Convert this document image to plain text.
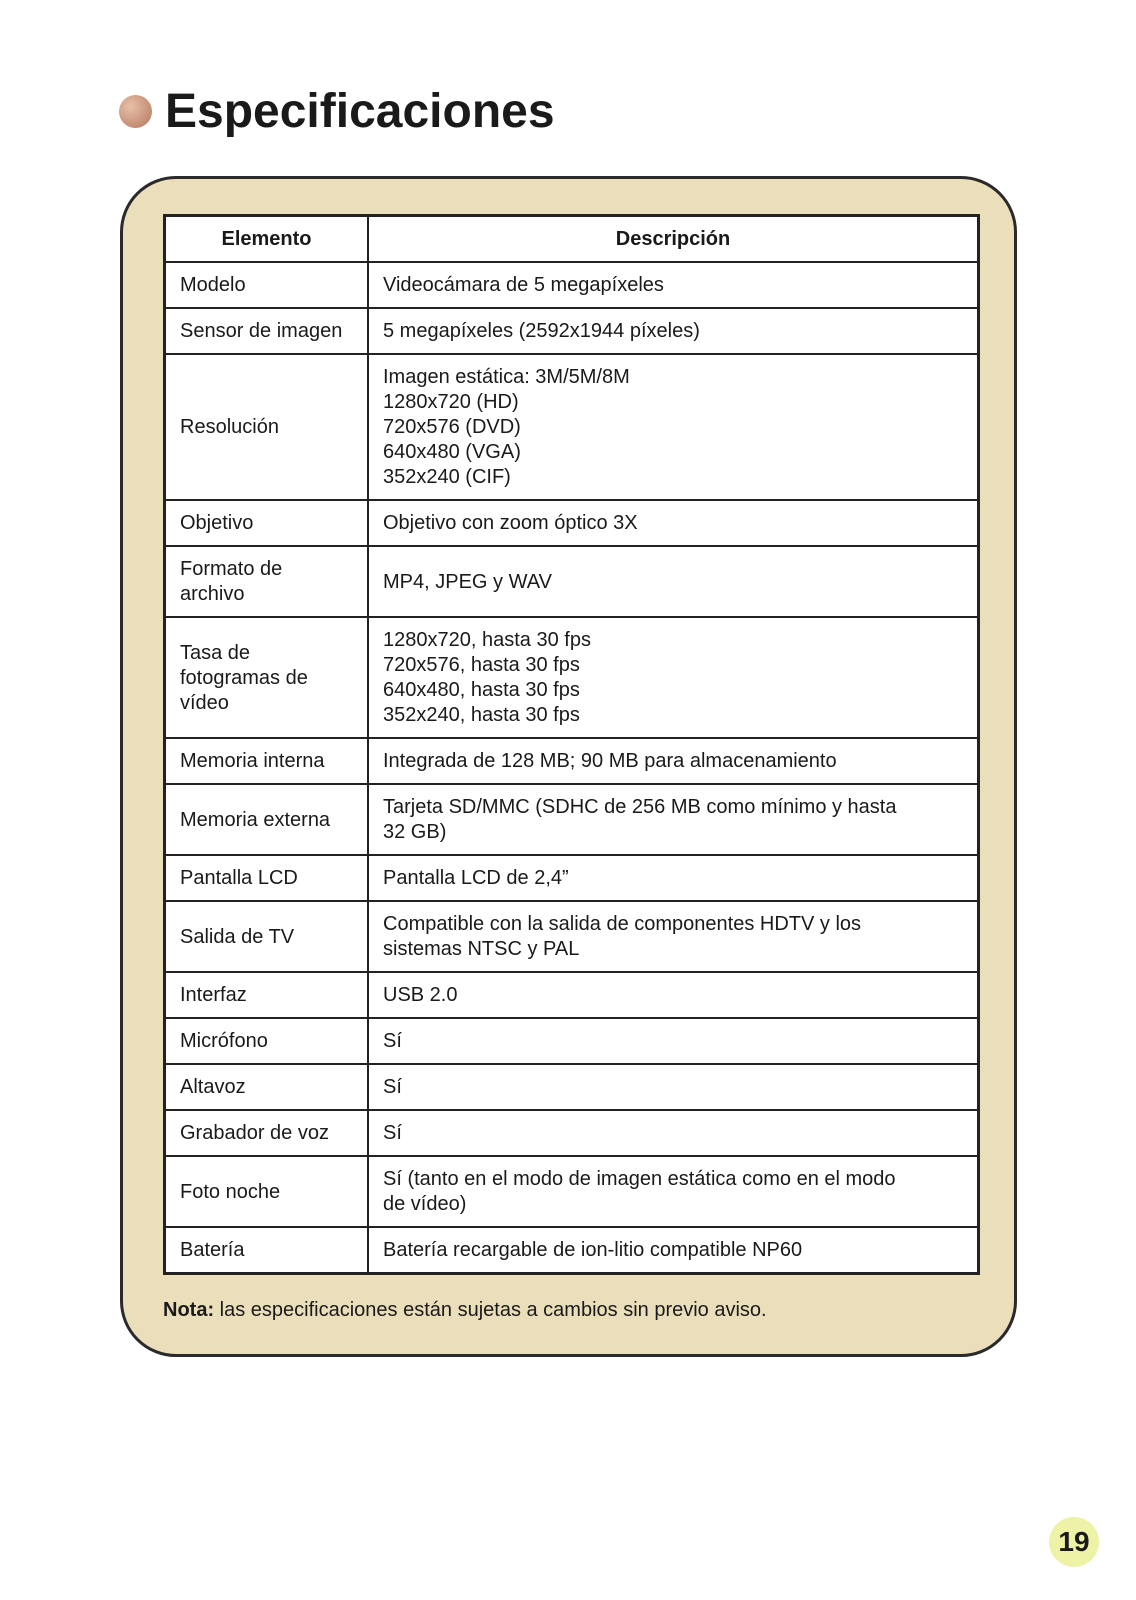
Especificaciones
Elemento	Descripción
Modelo	Videocámara de 5 megapíxeles
Sensor de imagen	5 megapíxeles (2592x1944 píxeles)
Resolución	Imagen estática: 3M/5M/8M
1280x720 (HD)
720x576 (DVD)
640x480 (VGA)
352x240 (CIF)
Objetivo	Objetivo con zoom óptico 3X
Formato de
archivo	MP4, JPEG y WAV
Tasa de
fotogramas de
vídeo	1280x720, hasta 30 fps
720x576, hasta 30 fps
640x480, hasta 30 fps
352x240, hasta 30 fps
Memoria interna	Integrada de 128 MB; 90 MB para almacenamiento
Memoria externa	Tarjeta SD/MMC (SDHC de 256 MB como mínimo y hasta
32 GB)
Pantalla LCD	Pantalla LCD de 2,4”
Salida de TV	Compatible con la salida de componentes HDTV y los
sistemas NTSC y PAL
Interfaz	USB 2.0
Micrófono	Sí
Altavoz	Sí
Grabador de voz	Sí
Foto noche	Sí (tanto en el modo de imagen estática como en el modo
de vídeo)
Batería	Batería recargable de ion-litio compatible NP60
Nota: las especificaciones están sujetas a cambios sin previo aviso.
19
